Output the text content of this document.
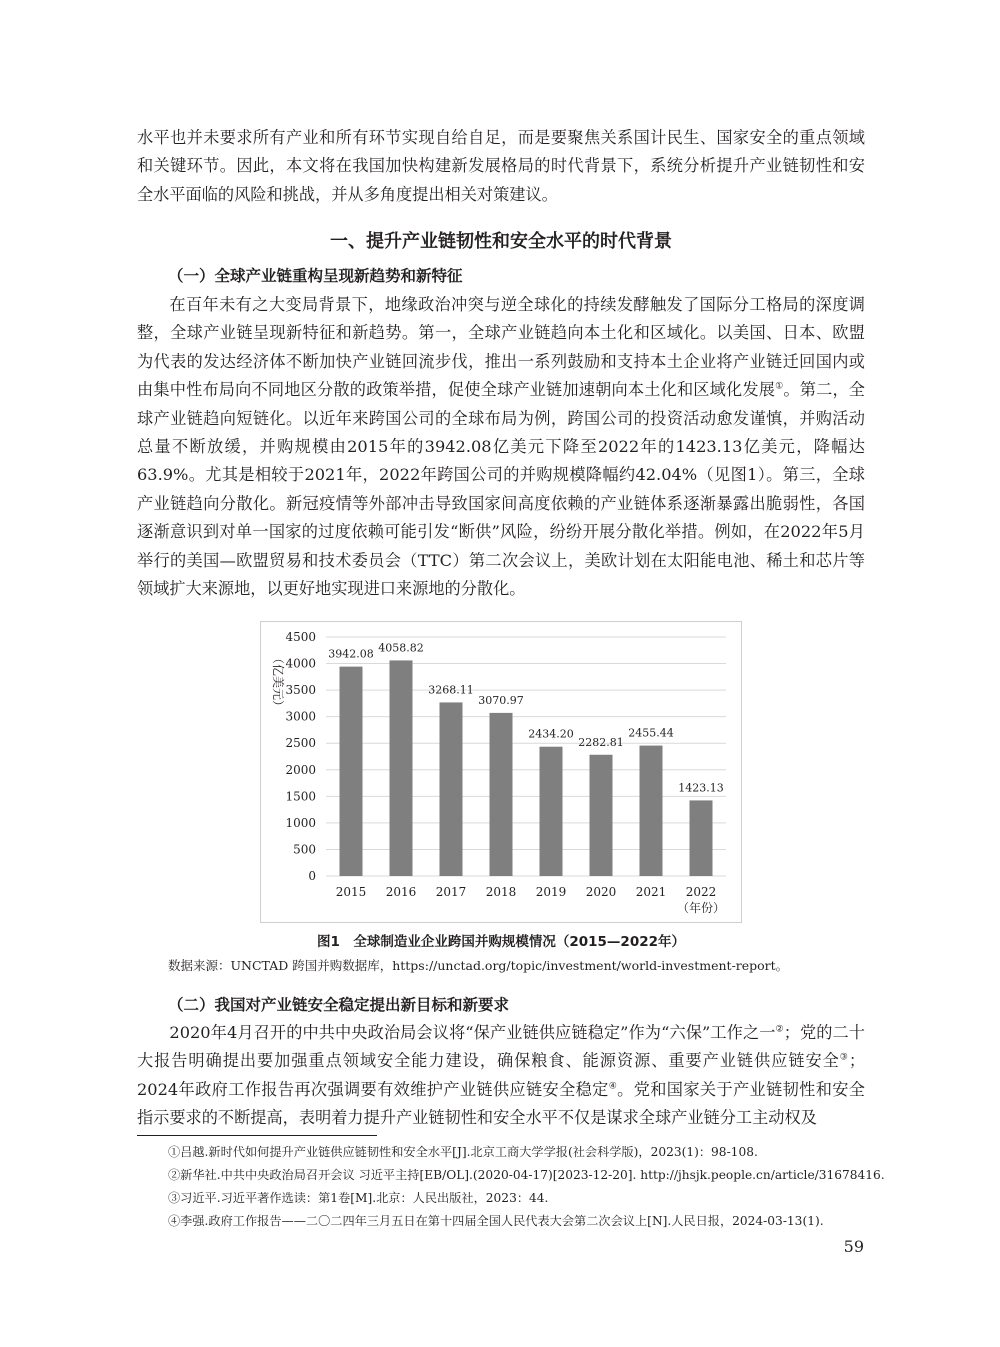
水平也并未要求所有产业和所有环节实现自给自足，而是要聚焦关系国计民生、国家安全的重点领域和关键环节。因此，本文将在我国加快构建新发展格局的时代背景下，系统分析提升产业链韧性和安全水平面临的风险和挑战，并从多角度提出相关对策建议。

一、提升产业链韧性和安全水平的时代背景
（一）全球产业链重构呈现新趋势和新特征

在百年未有之大变局背景下，地缘政治冲突与逆全球化的持续发酵触发了国际分工格局的深度调整，全球产业链呈现新特征和新趋势。第一，全球产业链趋向本土化和区域化。以美国、日本、欧盟为代表的发达经济体不断加快产业链回流步伐，推出一系列鼓励和支持本土企业将产业链迁回国内或由集中性布局向不同地区分散的政策举措，促使全球产业链加速朝向本土化和区域化发展①。第二，全球产业链趋向短链化。以近年来跨国公司的全球布局为例，跨国公司的投资活动愈发谨慎，并购活动总量不断放缓，并购规模由2015年的3942.08亿美元下降至2022年的1423.13亿美元，降幅达63.9%。尤其是相较于2021年，2022年跨国公司的并购规模降幅约42.04%（见图1）。第三，全球产业链趋向分散化。新冠疫情等外部冲击导致国家间高度依赖的产业链体系逐渐暴露出脆弱性，各国逐渐意识到对单一国家的过度依赖可能引发“断供”风险，纷纷开展分散化举措。例如，在2022年5月举行的美国—欧盟贸易和技术委员会（TTC）第二次会议上，美欧计划在太阳能电池、稀土和芯片等领域扩大来源地，以更好地实现进口来源地的分散化。

0
500
1000
1500
2000
2500
3000
3500
4000
4500
（亿美元）	3942.08
2015
4058.82
2016
3268.11
2017
3070.97
2018
2434.20
2019
2282.81
2020
2455.44
2021
1423.13
2022
（年份）

图1　全球制造业企业跨国并购规模情况（2015—2022年）

数据来源：UNCTAD 跨国并购数据库，https://unctad.org/topic/investment/world-investment-report。

（二）我国对产业链安全稳定提出新目标和新要求

2020年4月召开的中共中央政治局会议将“保产业链供应链稳定”作为“六保”工作之一②；党的二十大报告明确提出要加强重点领域安全能力建设，确保粮食、能源资源、重要产业链供应链安全③；2024年政府工作报告再次强调要有效维护产业链供应链安全稳定④。党和国家关于产业链韧性和安全指示要求的不断提高，表明着力提升产业链韧性和安全水平不仅是谋求全球产业链分工主动权及

①吕越.新时代如何提升产业链供应链韧性和安全水平[J].北京工商大学学报(社会科学版)，2023(1)：98-108.

②新华社.中共中央政治局召开会议 习近平主持[EB/OL].(2020-04-17)[2023-12-20]. http://jhsjk.people.cn/article/31678416.

③习近平.习近平著作选读：第1卷[M].北京：人民出版社，2023：44.

④李强.政府工作报告——二〇二四年三月五日在第十四届全国人民代表大会第二次会议上[N].人民日报，2024-03-13(1).

59
